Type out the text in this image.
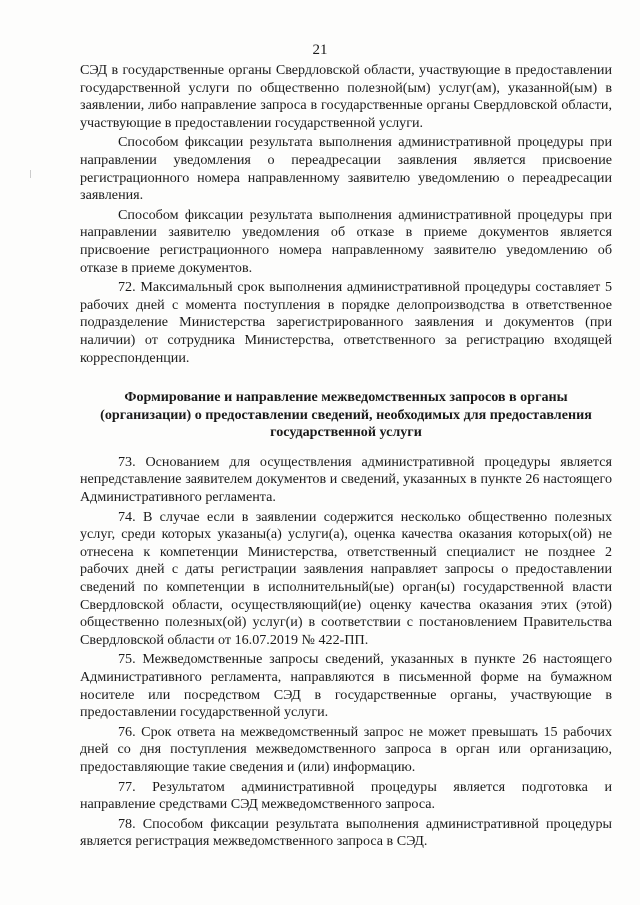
21

СЭД в государственные органы Свердловской области, участвующие в предоставлении государственной услуги по общественно полезной(ым) услуг(ам), указанной(ым) в заявлении, либо направление запроса в государственные органы Свердловской области, участвующие в предоставлении государственной услуги.

Способом фиксации результата выполнения административной процедуры при направлении уведомления о переадресации заявления является присвоение регистрационного номера направленному заявителю уведомлению о переадресации заявления.

Способом фиксации результата выполнения административной процедуры при направлении заявителю уведомления об отказе в приеме документов является присвоение регистрационного номера направленному заявителю уведомлению об отказе в приеме документов.

72. Максимальный срок выполнения административной процедуры составляет 5 рабочих дней с момента поступления в порядке делопроизводства в ответственное подразделение Министерства зарегистрированного заявления и документов (при наличии) от сотрудника Министерства, ответственного за регистрацию входящей корреспонденции.

Формирование и направление межведомственных запросов в органы (организации) о предоставлении сведений, необходимых для предоставления государственной услуги

73. Основанием для осуществления административной процедуры является непредставление заявителем документов и сведений, указанных в пункте 26 настоящего Административного регламента.

74. В случае если в заявлении содержится несколько общественно полезных услуг, среди которых указаны(а) услуги(а), оценка качества оказания которых(ой) не отнесена к компетенции Министерства, ответственный специалист не позднее 2 рабочих дней с даты регистрации заявления направляет запросы о предоставлении сведений по компетенции в исполнительный(ые) орган(ы) государственной власти Свердловской области, осуществляющий(ие) оценку качества оказания этих (этой) общественно полезных(ой) услуг(и) в соответствии с постановлением Правительства Свердловской области от 16.07.2019 № 422-ПП.

75. Межведомственные запросы сведений, указанных в пункте 26 настоящего Административного регламента, направляются в письменной форме на бумажном носителе или посредством СЭД в государственные органы, участвующие в предоставлении государственной услуги.

76. Срок ответа на межведомственный запрос не может превышать 15 рабочих дней со дня поступления межведомственного запроса в орган или организацию, предоставляющие такие сведения и (или) информацию.

77. Результатом административной процедуры является подготовка и направление средствами СЭД межведомственного запроса.

78. Способом фиксации результата выполнения административной процедуры является регистрация межведомственного запроса в СЭД.
